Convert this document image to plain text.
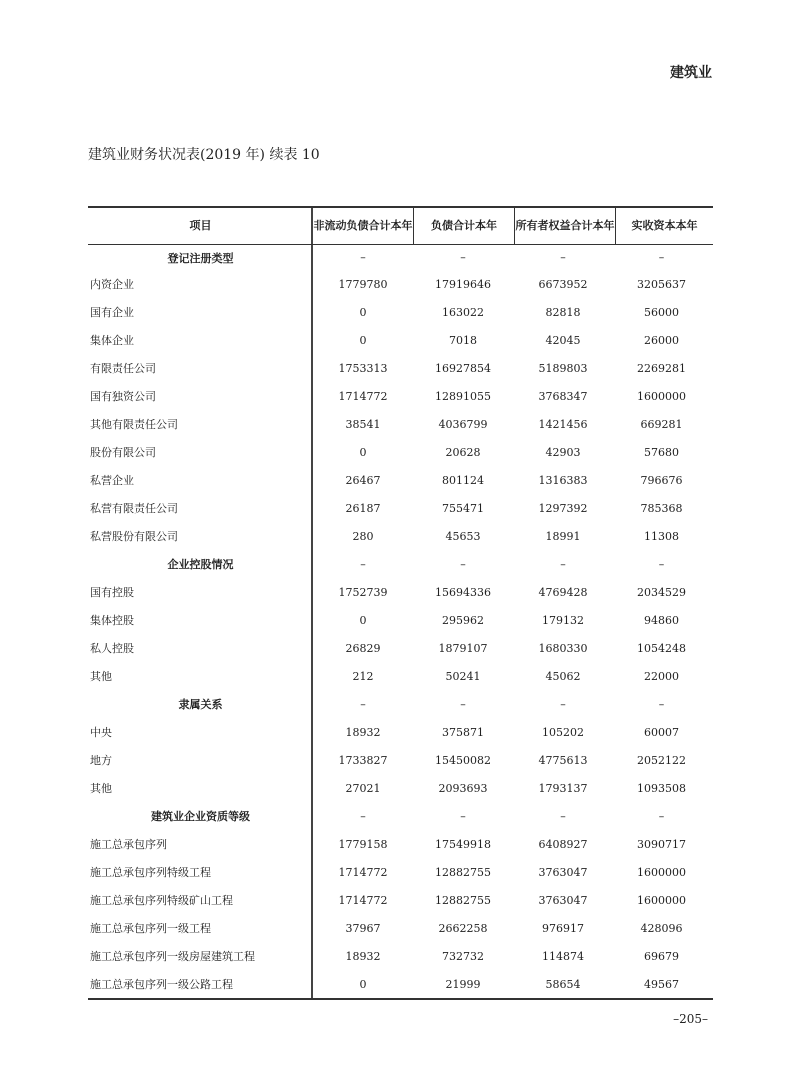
建筑业
建筑业财务状况表(2019 年) 续表 10
项目	非流动负债合计本年	负债合计本年	所有者权益合计本年	实收资本本年
登记注册类型	–	–	–	–
内资企业	1779780	17919646	6673952	3205637
国有企业	0	163022	82818	56000
集体企业	0	7018	42045	26000
有限责任公司	1753313	16927854	5189803	2269281
国有独资公司	1714772	12891055	3768347	1600000
其他有限责任公司	38541	4036799	1421456	669281
股份有限公司	0	20628	42903	57680
私营企业	26467	801124	1316383	796676
私营有限责任公司	26187	755471	1297392	785368
私营股份有限公司	280	45653	18991	11308
企业控股情况	–	–	–	–
国有控股	1752739	15694336	4769428	2034529
集体控股	0	295962	179132	94860
私人控股	26829	1879107	1680330	1054248
其他	212	50241	45062	22000
隶属关系	–	–	–	–
中央	18932	375871	105202	60007
地方	1733827	15450082	4775613	2052122
其他	27021	2093693	1793137	1093508
建筑业企业资质等级	–	–	–	–
施工总承包序列	1779158	17549918	6408927	3090717
施工总承包序列特级工程	1714772	12882755	3763047	1600000
施工总承包序列特级矿山工程	1714772	12882755	3763047	1600000
施工总承包序列一级工程	37967	2662258	976917	428096
施工总承包序列一级房屋建筑工程	18932	732732	114874	69679
施工总承包序列一级公路工程	0	21999	58654	49567
–205–
